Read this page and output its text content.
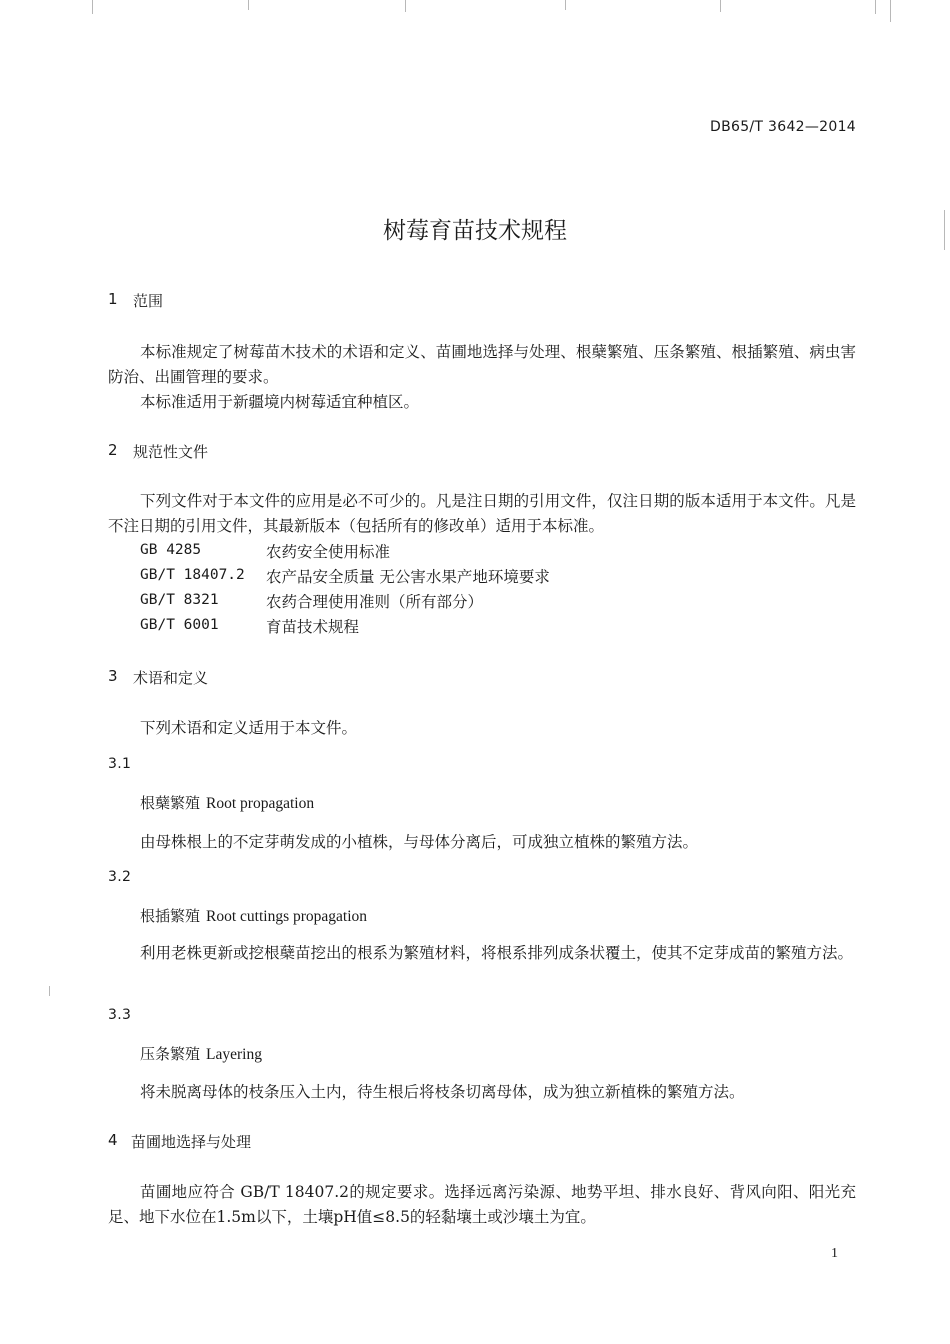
DB65/T 3642—2014
树莓育苗技术规程
1 范围
本标准规定了树莓苗木技术的术语和定义、苗圃地选择与处理、根蘖繁殖、压条繁殖、根插繁殖、病虫害防治、出圃管理的要求。
本标准适用于新疆境内树莓适宜种植区。
2 规范性文件
下列文件对于本文件的应用是必不可少的。凡是注日期的引用文件，仅注日期的版本适用于本文件。凡是不注日期的引用文件，其最新版本（包括所有的修改单）适用于本标准。
GB 4285	农药安全使用标准
GB/T 18407.2 农产品安全质量 无公害水果产地环境要求
GB/T 8321	农药合理使用准则（所有部分）
GB/T 6001	育苗技术规程
3 术语和定义
下列术语和定义适用于本文件。
3.1
根蘖繁殖 Root propagation
由母株根上的不定芽萌发成的小植株，与母体分离后，可成独立植株的繁殖方法。
3.2
根插繁殖 Root cuttings propagation
利用老株更新或挖根蘖苗挖出的根系为繁殖材料，将根系排列成条状覆土，使其不定芽成苗的繁殖方法。
3.3
压条繁殖 Layering
将未脱离母体的枝条压入土内，待生根后将枝条切离母体，成为独立新植株的繁殖方法。
4 苗圃地选择与处理
苗圃地应符合 GB/T 18407.2的规定要求。选择远离污染源、地势平坦、排水良好、背风向阳、阳光充足、地下水位在1.5m以下，土壤pH值≤8.5的轻黏壤土或沙壤土为宜。
1
